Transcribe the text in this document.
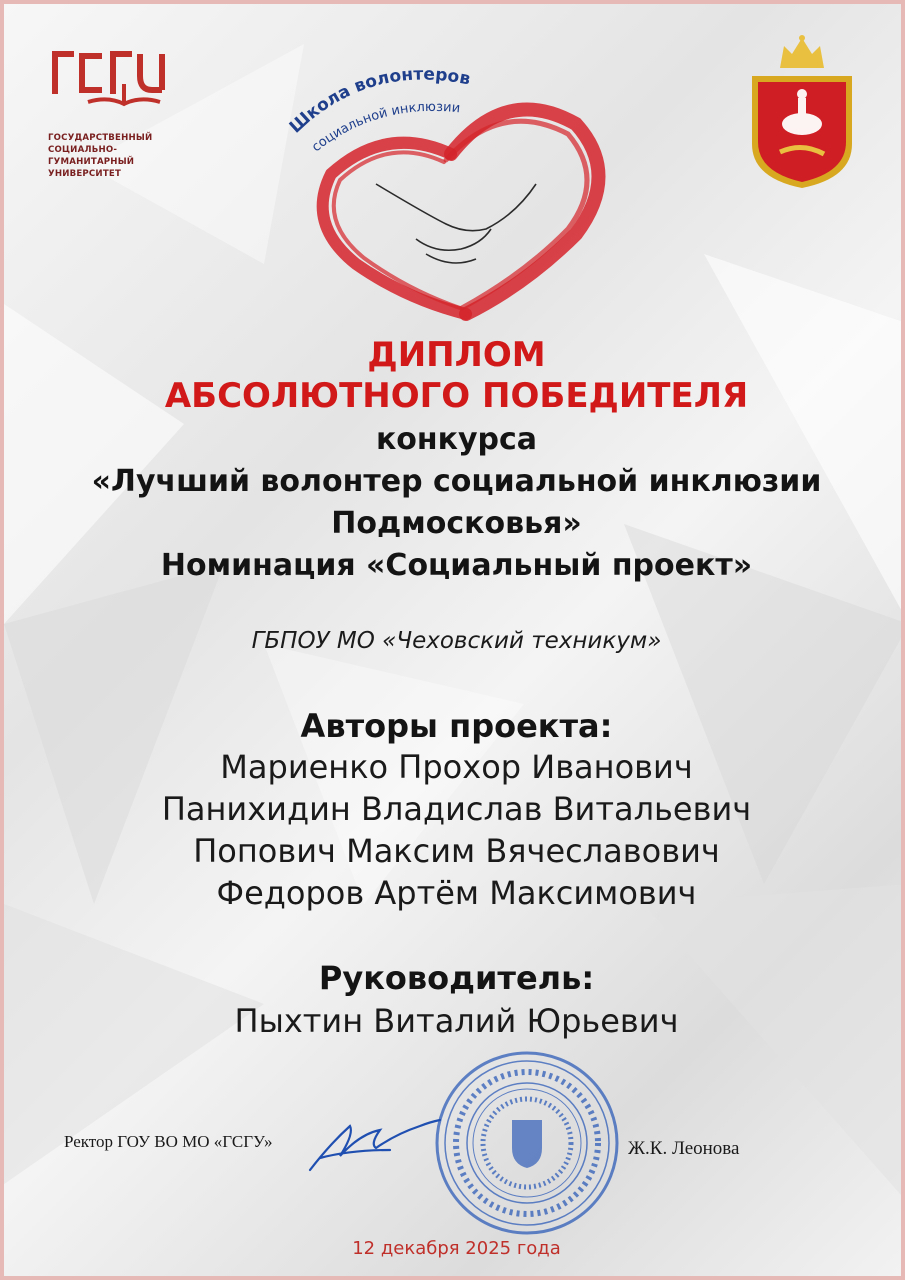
ГОСУДАРСТВЕННЫЙ
СОЦИАЛЬНО-
ГУМАНИТАРНЫЙ
УНИВЕРСИТЕТ
Школа волонтеров
социальной инклюзии
ДИПЛОМ
АБСОЛЮТНОГО ПОБЕДИТЕЛЯ
конкурса
«Лучший волонтер социальной инклюзии
Подмосковья»
Номинация «Социальный проект»
ГБПОУ МО «Чеховский техникум»
Авторы проекта:
Мариенко Прохор Иванович
Панихидин Владислав Витальевич
Попович Максим Вячеславович
Федоров Артём Максимович
Руководитель:
Пыхтин Виталий Юрьевич
Ректор ГОУ ВО МО «ГСГУ»	Ж.К. Леонова
12 декабря 2025 года
